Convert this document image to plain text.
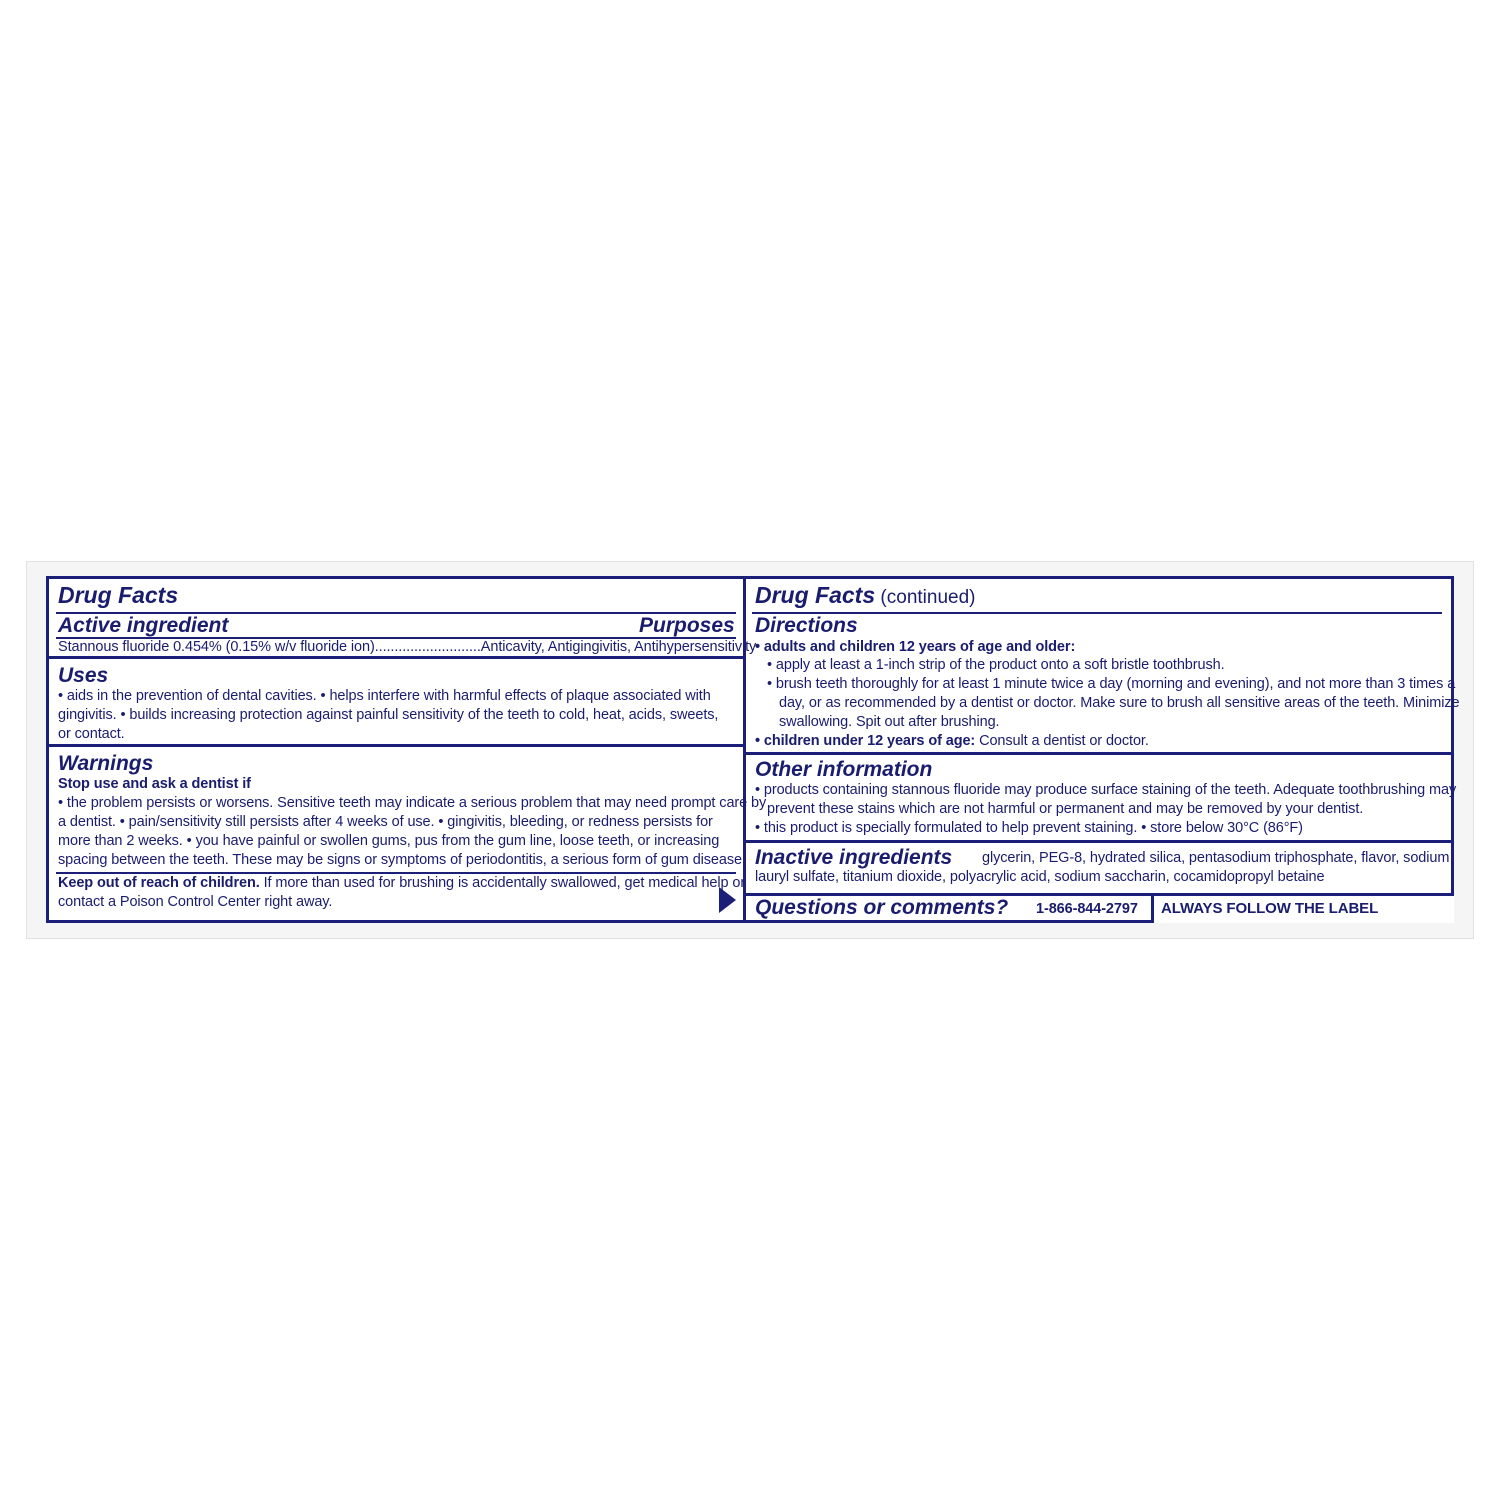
Drug Facts
Active ingredient	Purposes
Stannous fluoride 0.454% (0.15% w/v fluoride ion)...........................Anticavity, Antigingivitis, Antihypersensitivity
Uses
• aids in the prevention of dental cavities. • helps interfere with harmful effects of plaque associated with
gingivitis. • builds increasing protection against painful sensitivity of the teeth to cold, heat, acids, sweets,
or contact.
Warnings
Stop use and ask a dentist if
• the problem persists or worsens. Sensitive teeth may indicate a serious problem that may need prompt care by
a dentist. • pain/sensitivity still persists after 4 weeks of use. • gingivitis, bleeding, or redness persists for
more than 2 weeks. • you have painful or swollen gums, pus from the gum line, loose teeth, or increasing
spacing between the teeth. These may be signs or symptoms of periodontitis, a serious form of gum disease.
Keep out of reach of children. If more than used for brushing is accidentally swallowed, get medical help or
contact a Poison Control Center right away.
Drug Facts (continued)
Directions
• adults and children 12 years of age and older:
• apply at least a 1-inch strip of the product onto a soft bristle toothbrush.
• brush teeth thoroughly for at least 1 minute twice a day (morning and evening), and not more than 3 times a
day, or as recommended by a dentist or doctor. Make sure to brush all sensitive areas of the teeth. Minimize
swallowing. Spit out after brushing.
• children under 12 years of age: Consult a dentist or doctor.
Other information
• products containing stannous fluoride may produce surface staining of the teeth. Adequate toothbrushing may
prevent these stains which are not harmful or permanent and may be removed by your dentist.
• this product is specially formulated to help prevent staining. • store below 30°C (86°F)
Inactive ingredients glycerin, PEG-8, hydrated silica, pentasodium triphosphate, flavor, sodium
lauryl sulfate, titanium dioxide, polyacrylic acid, sodium saccharin, cocamidopropyl betaine
Questions or comments? 1-866-844-2797 ALWAYS FOLLOW THE LABEL
